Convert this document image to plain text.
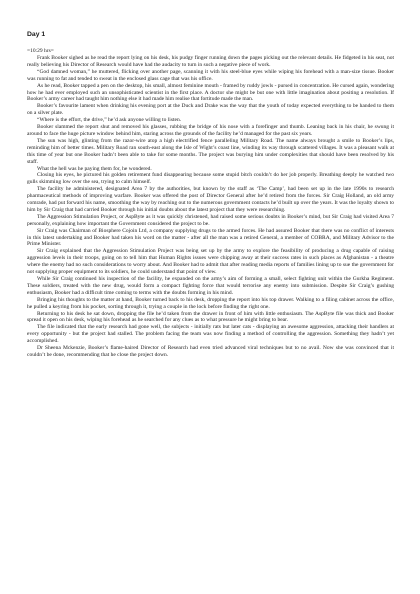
Day 1

=10:29 hrs=

Frank Booker sighed as he read the report lying on his desk, his pudgy finger running down the pages picking out the relevant details. He fidgeted in his seat, not really believing his Director of Research would have had the audacity to turn in such a negative piece of work.

“God damned woman,” he muttered, flicking over another page, scanning it with his steel-blue eyes while wiping his forehead with a man-size tissue. Booker was running to fat and tended to sweat in the enclosed glass cage that was his office.

As he read, Booker tapped a pen on the desktop, his small, almost feminine mouth - framed by ruddy jowls - pursed in concentration. He cursed again, wondering how he had ever employed such an unsophisticated scientist in the first place. A doctor she might be but one with little imagination about positing a resolution. If Booker’s army career had taught him nothing else it had made him realise that fortitude made the man.

Booker’s favourite lament when drinking his evening port at the Duck and Drake was the way that the youth of today expected everything to be handed to them on a silver plate.

“Where is the effort, the drive,” he’d ask anyone willing to listen.

Booker slammed the report shut and removed his glasses, rubbing the bridge of his nose with a forefinger and thumb. Leaning back in his chair, he swung it around to face the huge picture window behind him, staring across the grounds of the facility he’d managed for the past six years.

The sun was high, glinting from the razor-wire atop a high electrified fence paralleling Military Road. The name always brought a smile to Booker’s lips, reminding him of better times. Military Road ran south-east along the Isle of Wight’s coast line, winding its way through scattered villages. It was a pleasant walk at this time of year but one Booker hadn’t been able to take for some months. The project was burying him under complexities that should have been resolved by his staff.

What the hell was he paying them for, he wondered.

Closing his eyes, he pictured his golden retirement fund disappearing because some stupid bitch couldn’t do her job properly. Breathing deeply he watched two gulls skimming low over the sea, trying to calm himself.

The facility he administered, designated Area 7 by the authorities, but known by the staff as ‘The Camp’, had been set up in the late 1990s to research pharmaceutical methods of improving warfare. Booker was offered the post of Director General after he’d retired from the forces. Sir Craig Holland, an old army comrade, had put forward his name, smoothing the way by reaching out to the numerous government contacts he’d built up over the years. It was the loyalty shown to him by Sir Craig that had carried Booker through his initial doubts about the latest project that they were researching.

The Aggression Stimulation Project, or AspByte as it was quickly christened, had raised some serious doubts in Booker’s mind, but Sir Craig had visited Area 7 personally, explaining how important the Government considered the project to be.

Sir Craig was Chairman of Biosphere Cojoin Ltd, a company supplying drugs to the armed forces. He had assured Booker that there was no conflict of interests in this latest undertaking and Booker had taken his word on the matter - after all the man was a retired General, a member of COBRA, and Military Advisor to the Prime Minister.

Sir Craig explained that the Aggression Stimulation Project was being set up by the army to explore the feasibility of producing a drug capable of raising aggression levels in their troops, going on to tell him that Human Rights issues were chipping away at their success rates in such places as Afghanistan - a theatre where the enemy had no such considerations to worry about. And Booker had to admit that after reading media reports of families lining up to sue the government for not supplying proper equipment to its soldiers, he could understand that point of view.

While Sir Craig continued his inspection of the facility, he expanded on the army’s aim of forming a small, select fighting unit within the Gurkha Regiment. These soldiers, treated with the new drug, would form a compact fighting force that would terrorise any enemy into submission. Despite Sir Craig’s gushing enthusiasm, Booker had a difficult time coming to terms with the doubts forming in his mind.

Bringing his thoughts to the matter at hand, Booker turned back to his desk, dropping the report into his top drawer. Walking to a filing cabinet across the office, he pulled a keyring from his pocket, sorting through it, trying a couple in the lock before finding the right one.

Returning to his desk he sat down, dropping the file he’d taken from the drawer in front of him with little enthusiasm. The AspByte file was thick and Booker spread it open on his desk, wiping his forehead as he searched for any clues as to what pressure he might bring to bear.

The file indicated that the early research had gone well, the subjects - initially rats but later cats - displaying an awesome aggression, attacking their handlers at every opportunity - but the project had stalled. The problem facing the team was now finding a method of controlling the aggression. Something they hadn’t yet accomplished.

Dr Sheena Mckenzie, Booker’s flame-haired Director of Research had even tried advanced viral techniques but to no avail. Now she was convinced that it couldn’t be done, recommending that he close the project down.
